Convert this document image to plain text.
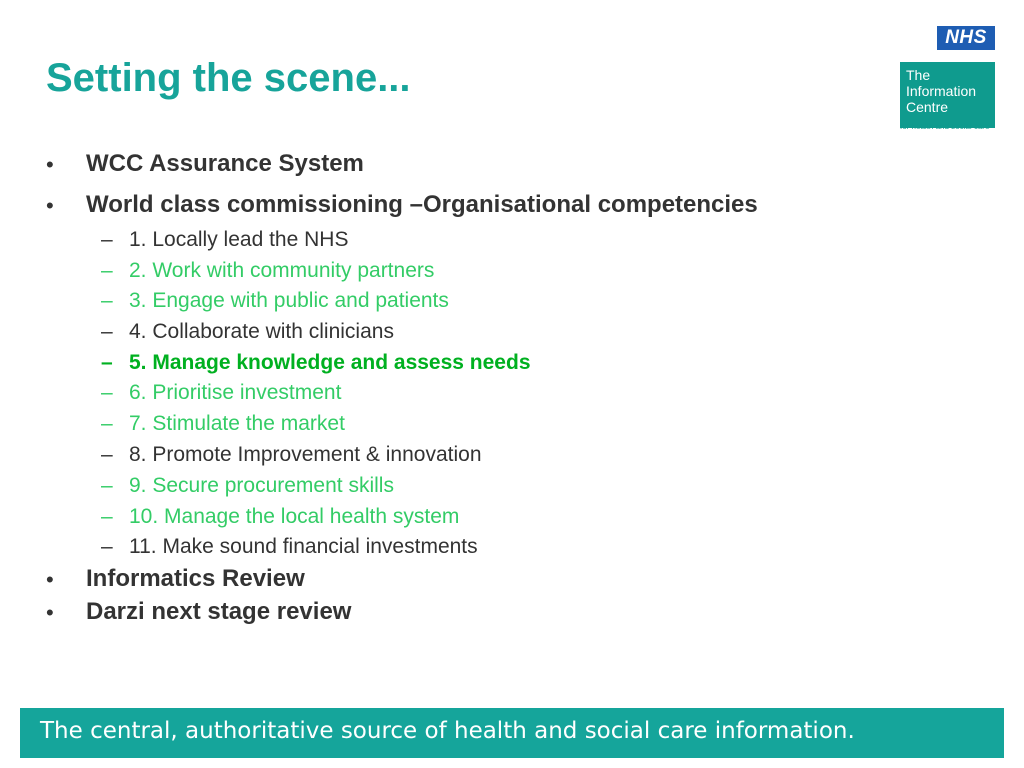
Setting the scene...
NHS
The
Information
Centre
for health and social care
• WCC Assurance System
• World class commissioning –Organisational competencies
– 1. Locally lead the NHS
– 2. Work with community partners
– 3. Engage with public and patients
– 4. Collaborate with clinicians
– 5. Manage knowledge and assess needs
– 6. Prioritise investment
– 7. Stimulate the market
– 8. Promote Improvement & innovation
– 9. Secure procurement skills
– 10. Manage the local health system
– 11. Make sound financial investments
• Informatics Review
• Darzi next stage review
The central, authoritative source of health and social care information.
